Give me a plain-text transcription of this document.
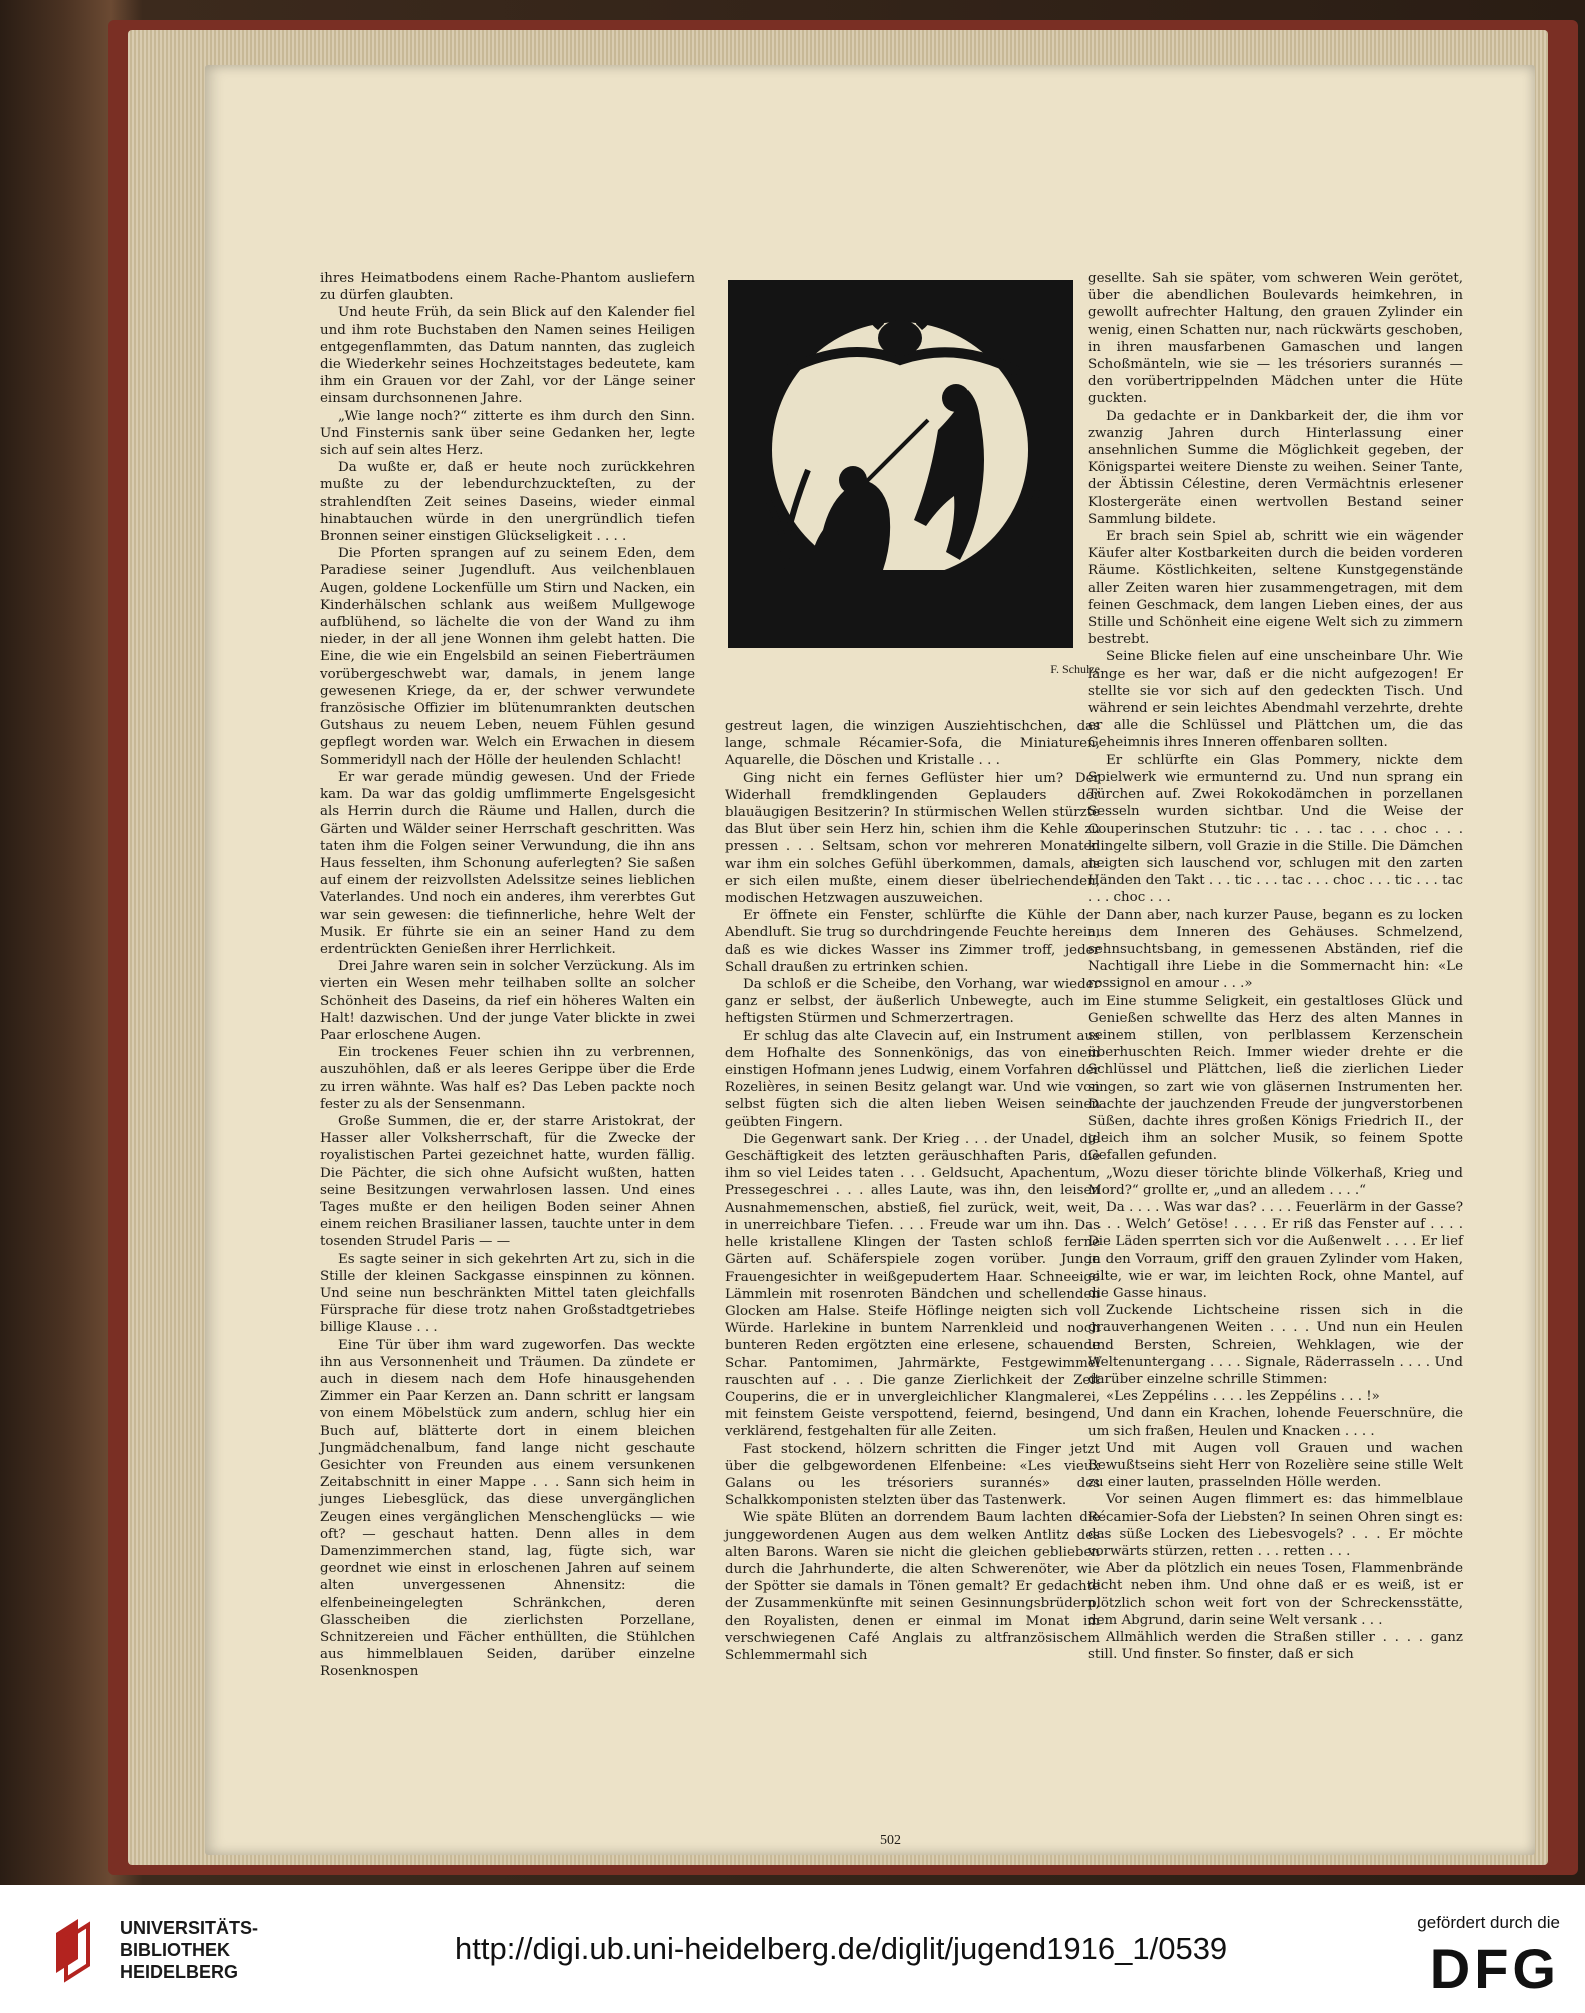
ihres Heimatbodens einem Rache-Phantom ausliefern zu dürfen glaubten.

Und heute Früh, da sein Blick auf den Kalender fiel und ihm rote Buchstaben den Namen seines Heiligen entgegenflammten, das Datum nannten, das zugleich die Wiederkehr seines Hochzeitstages bedeutete, kam ihm ein Grauen vor der Zahl, vor der Länge seiner einsam durchsonnenen Jahre.

„Wie lange noch?“ zitterte es ihm durch den Sinn. Und Finsternis sank über seine Gedanken her, legte sich auf sein altes Herz.

Da wußte er, daß er heute noch zurückkehren mußte zu der lebendurchzuckteſten, zu der strahlendſten Zeit seines Daseins, wieder einmal hinabtauchen würde in den unergründlich tiefen Bronnen seiner einstigen Glückseligkeit . . . .

Die Pforten sprangen auf zu seinem Eden, dem Paradiese seiner Jugendluft. Aus veilchenblauen Augen, goldene Lockenfülle um Stirn und Nacken, ein Kinderhälschen schlank aus weißem Mullgewoge aufblühend, so lächelte die von der Wand zu ihm nieder, in der all jene Wonnen ihm gelebt hatten. Die Eine, die wie ein Engelsbild an seinen Fieberträumen vorübergeschwebt war, damals, in jenem lange gewesenen Kriege, da er, der schwer verwundete französische Offizier im blütenumrankten deutschen Gutshaus zu neuem Leben, neuem Fühlen gesund gepflegt worden war. Welch ein Erwachen in diesem Sommeridyll nach der Hölle der heulenden Schlacht!

Er war gerade mündig gewesen. Und der Friede kam. Da war das goldig umflimmerte Engelsgesicht als Herrin durch die Räume und Hallen, durch die Gärten und Wälder seiner Herrschaft geschritten. Was taten ihm die Folgen seiner Verwundung, die ihn ans Haus fesselten, ihm Schonung auferlegten? Sie saßen auf einem der reizvollsten Adelssitze seines lieblichen Vaterlandes. Und noch ein anderes, ihm vererbtes Gut war sein gewesen: die tiefinnerliche, hehre Welt der Musik. Er führte sie ein an seiner Hand zu dem erdentrückten Genießen ihrer Herrlichkeit.

Drei Jahre waren sein in solcher Verzückung. Als im vierten ein Wesen mehr teilhaben sollte an solcher Schönheit des Daseins, da rief ein höheres Walten ein Halt! dazwischen. Und der junge Vater blickte in zwei Paar erloschene Augen.

Ein trockenes Feuer schien ihn zu verbrennen, auszuhöhlen, daß er als leeres Gerippe über die Erde zu irren wähnte. Was half es? Das Leben packte noch fester zu als der Sensenmann.

Große Summen, die er, der starre Aristokrat, der Hasser aller Volksherrschaft, für die Zwecke der royalistischen Partei gezeichnet hatte, wurden fällig. Die Pächter, die sich ohne Aufsicht wußten, hatten seine Besitzungen verwahrlosen lassen. Und eines Tages mußte er den heiligen Boden seiner Ahnen einem reichen Brasilianer lassen, tauchte unter in dem tosenden Strudel Paris — —

Es sagte seiner in sich gekehrten Art zu, sich in die Stille der kleinen Sackgasse einspinnen zu können. Und seine nun beschränkten Mittel taten gleichfalls Fürsprache für diese trotz nahen Großstadtgetriebes billige Klause . . .

Eine Tür über ihm ward zugeworfen. Das weckte ihn aus Versonnenheit und Träumen. Da zündete er auch in diesem nach dem Hofe hinausgehenden Zimmer ein Paar Kerzen an. Dann schritt er langsam von einem Möbelstück zum andern, schlug hier ein Buch auf, blätterte dort in einem bleichen Jungmädchenalbum, fand lange nicht geschaute Gesichter von Freunden aus einem versunkenen Zeitabschnitt in einer Mappe . . . Sann sich heim in junges Liebesglück, das diese unvergänglichen Zeugen eines vergänglichen Menschenglücks — wie oft? — geschaut hatten. Denn alles in dem Damenzimmerchen stand, lag, fügte sich, war geordnet wie einst in erloschenen Jahren auf seinem alten unvergessenen Ahnensitz: die elfenbeineingelegten Schränkchen, deren Glasscheiben die zierlichsten Porzellane, Schnitzereien und Fächer enthüllten, die Stühlchen aus himmelblauen Seiden, darüber einzelne Rosenknospen

F. Schulze

gestreut lagen, die winzigen Ausziehtischchen, das lange, schmale Récamier-Sofa, die Miniaturen, Aquarelle, die Döschen und Kristalle . . .

Ging nicht ein fernes Geflüster hier um? Der Widerhall fremdklingenden Geplauders der blauäugigen Besitzerin? In stürmischen Wellen stürzte das Blut über sein Herz hin, schien ihm die Kehle zu pressen . . . Seltsam, schon vor mehreren Monaten war ihm ein solches Gefühl überkommen, damals, als er sich eilen mußte, einem dieser übelriechenden, modischen Hetzwagen auszuweichen.

Er öffnete ein Fenster, schlürfte die Kühle der Abendluft. Sie trug so durchdringende Feuchte herein, daß es wie dickes Wasser ins Zimmer troff, jeder Schall draußen zu ertrinken schien.

Da schloß er die Scheibe, den Vorhang, war wieder ganz er selbst, der äußerlich Unbewegte, auch im heftigsten Stürmen und Schmerzertragen.

Er schlug das alte Clavecin auf, ein Instrument aus dem Hofhalte des Sonnenkönigs, das von einem einstigen Hofmann jenes Ludwig, einem Vorfahren der Rozelières, in seinen Besitz gelangt war. Und wie von selbst fügten sich die alten lieben Weisen seinen geübten Fingern.

Die Gegenwart sank. Der Krieg . . . der Unadel, die Geschäftigkeit des letzten geräuschhaften Paris, die ihm so viel Leides taten . . . Geldsucht, Apachentum, Pressegeschrei . . . alles Laute, was ihn, den leisen Ausnahmemenschen, abstieß, fiel zurück, weit, weit, in unerreichbare Tiefen. . . . Freude war um ihn. Das helle kristallene Klingen der Tasten schloß ferne Gärten auf. Schäferspiele zogen vorüber. Junge Frauengesichter in weißgepudertem Haar. Schneeige Lämmlein mit rosenroten Bändchen und schellenden Glocken am Halse. Steife Höflinge neigten sich voll Würde. Harlekine in buntem Narrenkleid und noch bunteren Reden ergötzten eine erlesene, schauende Schar. Pantomimen, Jahrmärkte, Festgewimmel rauschten auf . . . Die ganze Zierlichkeit der Zeit Couperins, die er in unvergleichlicher Klangmalerei, mit feinstem Geiste verspottend, feiernd, besingend, verklärend, festgehalten für alle Zeiten.

Fast stockend, hölzern schritten die Finger jetzt über die gelbgewordenen Elfenbeine: «Les vieux Galans ou les trésoriers surannés» des Schalkkomponisten stelzten über das Tastenwerk.

Wie späte Blüten an dorrendem Baum lachten die junggewordenen Augen aus dem welken Antlitz des alten Barons. Waren sie nicht die gleichen geblieben durch die Jahrhunderte, die alten Schwerenöter, wie der Spötter sie damals in Tönen gemalt? Er gedachte der Zusammenkünfte mit seinen Gesinnungsbrüdern, den Royalisten, denen er einmal im Monat im verschwiegenen Café Anglais zu altfranzösischem Schlemmermahl sich

gesellte. Sah sie später, vom schweren Wein gerötet, über die abendlichen Boulevards heimkehren, in gewollt aufrechter Haltung, den grauen Zylinder ein wenig, einen Schatten nur, nach rückwärts geschoben, in ihren mausfarbenen Gamaschen und langen Schoßmänteln, wie sie — les trésoriers surannés — den vorübertrippelnden Mädchen unter die Hüte guckten.

Da gedachte er in Dankbarkeit der, die ihm vor zwanzig Jahren durch Hinterlassung einer ansehnlichen Summe die Möglichkeit gegeben, der Königspartei weitere Dienste zu weihen. Seiner Tante, der Äbtissin Célestine, deren Vermächtnis erlesener Klostergeräte einen wertvollen Bestand seiner Sammlung bildete.

Er brach sein Spiel ab, schritt wie ein wägender Käufer alter Kostbarkeiten durch die beiden vorderen Räume. Köstlichkeiten, seltene Kunstgegenstände aller Zeiten waren hier zusammengetragen, mit dem feinen Geschmack, dem langen Lieben eines, der aus Stille und Schönheit eine eigene Welt sich zu zimmern bestrebt.

Seine Blicke fielen auf eine unscheinbare Uhr. Wie lange es her war, daß er die nicht aufgezogen! Er stellte sie vor sich auf den gedeckten Tisch. Und während er sein leichtes Abendmahl verzehrte, drehte er alle die Schlüssel und Plättchen um, die das Geheimnis ihres Inneren offenbaren sollten.

Er schlürfte ein Glas Pommery, nickte dem Spielwerk wie ermunternd zu. Und nun sprang ein Türchen auf. Zwei Rokokodämchen in porzellanen Sesseln wurden sichtbar. Und die Weise der Couperinschen Stutzuhr: tic . . . tac . . . choc . . . klingelte silbern, voll Grazie in die Stille. Die Dämchen neigten sich lauschend vor, schlugen mit den zarten Händen den Takt . . . tic . . . tac . . . choc . . . tic . . . tac . . . choc . . .

Dann aber, nach kurzer Pause, begann es zu locken aus dem Inneren des Gehäuses. Schmelzend, sehnsuchtsbang, in gemessenen Abständen, rief die Nachtigall ihre Liebe in die Sommernacht hin: «Le rossignol en amour . . .»

Eine stumme Seligkeit, ein gestaltloses Glück und Genießen schwellte das Herz des alten Mannes in seinem stillen, von perlblassem Kerzenschein überhuschten Reich. Immer wieder drehte er die Schlüssel und Plättchen, ließ die zierlichen Lieder singen, so zart wie von gläsernen Instrumenten her. Dachte der jauchzenden Freude der jungverstorbenen Süßen, dachte ihres großen Königs Friedrich II., der gleich ihm an solcher Musik, so feinem Spotte Gefallen gefunden.

„Wozu dieser törichte blinde Völkerhaß, Krieg und Mord?“ grollte er, „und an alledem . . . .“

Da . . . . Was war das? . . . . Feuerlärm in der Gasse? . . . . Welch’ Getöse! . . . . Er riß das Fenster auf . . . . Die Läden sperrten sich vor die Außenwelt . . . . Er lief in den Vorraum, griff den grauen Zylinder vom Haken, eilte, wie er war, im leichten Rock, ohne Mantel, auf die Gasse hinaus.

Zuckende Lichtscheine rissen sich in die grauverhangenen Weiten . . . . Und nun ein Heulen und Bersten, Schreien, Wehklagen, wie der Weltenuntergang . . . . Signale, Räderrasseln . . . . Und darüber einzelne schrille Stimmen:

«Les Zeppélins . . . . les Zeppélins . . . !»

Und dann ein Krachen, lohende Feuerschnüre, die um sich fraßen, Heulen und Knacken . . . .

Und mit Augen voll Grauen und wachen Bewußtseins sieht Herr von Rozelière seine stille Welt zu einer lauten, prasselnden Hölle werden.

Vor seinen Augen flimmert es: das himmelblaue Récamier-Sofa der Liebsten? In seinen Ohren singt es: das süße Locken des Liebesvogels? . . . Er möchte vorwärts stürzen, retten . . . retten . . .

Aber da plötzlich ein neues Tosen, Flammenbrände dicht neben ihm. Und ohne daß er es weiß, ist er plötzlich schon weit fort von der Schreckensstätte, dem Abgrund, darin seine Welt versank . . .

Allmählich werden die Straßen stiller . . . . ganz still. Und finster. So finster, daß er sich

502
UNIVERSITÄTS-
BIBLIOTHEK
HEIDELBERG
http://digi.ub.uni-heidelberg.de/diglit/jugend1916_1/0539
gefördert durch die
DFG
